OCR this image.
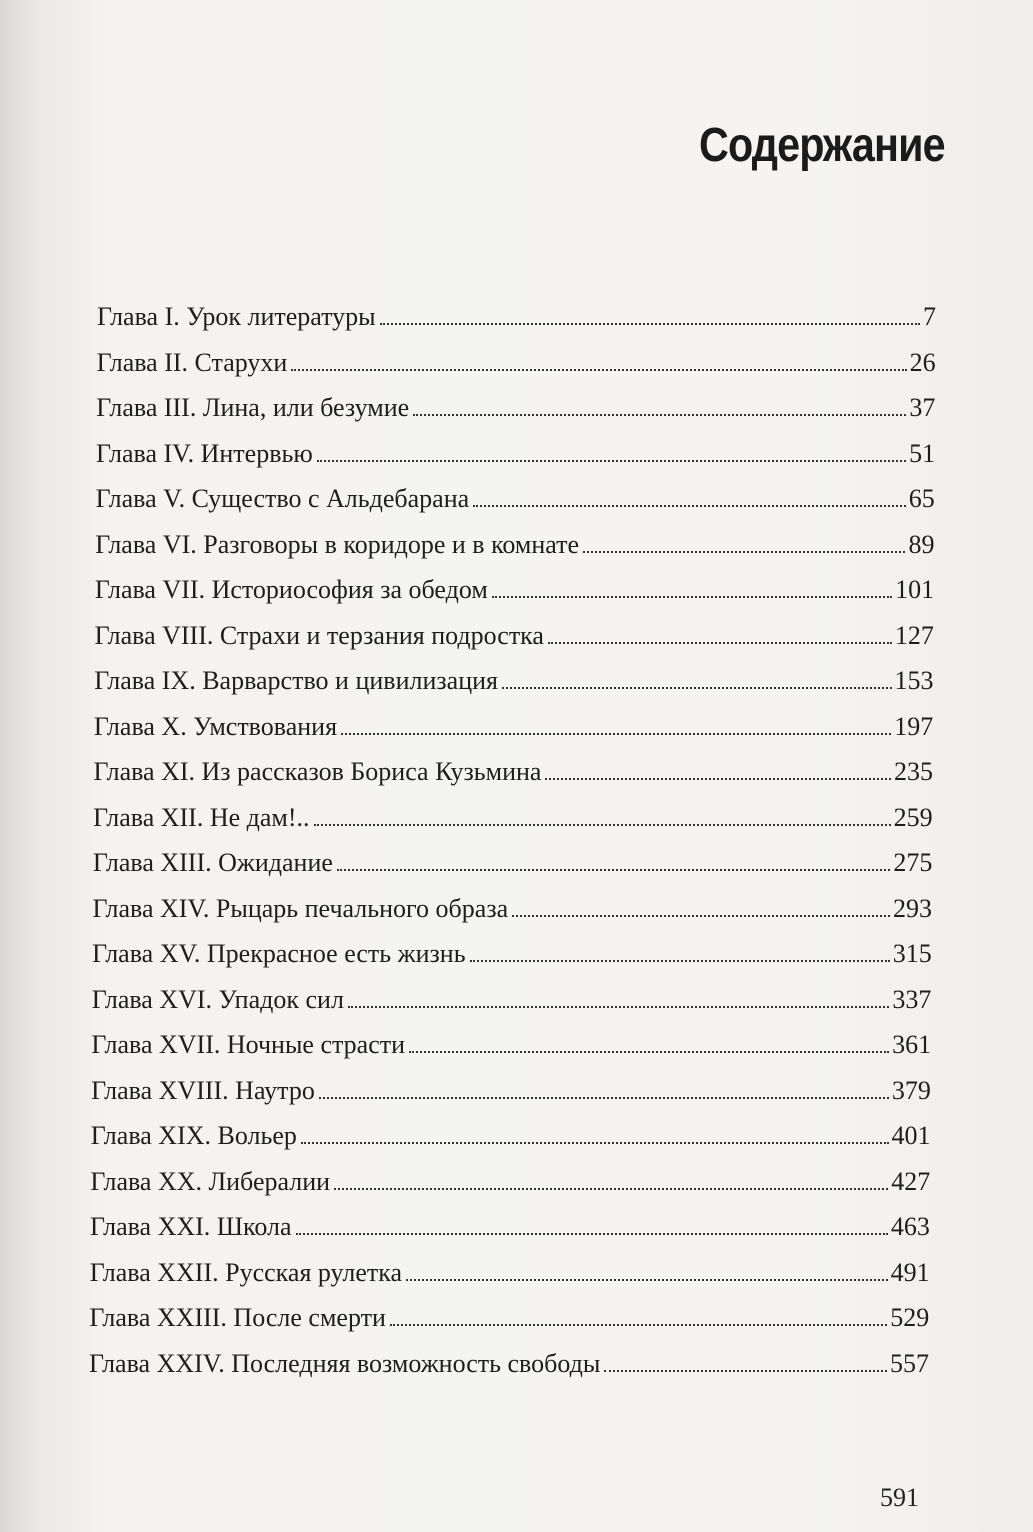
Содержание
Глава I. Урок литературы	7
Глава II. Старухи	26
Глава III. Лина, или безумие	37
Глава IV. Интервью	51
Глава V. Существо с Альдебарана	65
Глава VI. Разговоры в коридоре и в комнате	89
Глава VII. Историософия за обедом	101
Глава VIII. Страхи и терзания подростка	127
Глава IX. Варварство и цивилизация	153
Глава X. Умствования	197
Глава XI. Из рассказов Бориса Кузьмина	235
Глава XII. Не дам!..	259
Глава XIII. Ожидание	275
Глава XIV. Рыцарь печального образа	293
Глава XV. Прекрасное есть жизнь	315
Глава XVI. Упадок сил	337
Глава XVII. Ночные страсти	361
Глава XVIII. Наутро	379
Глава XIX. Вольер	401
Глава XX. Либералии	427
Глава XXI. Школа	463
Глава XXII. Русская рулетка	491
Глава XXIII. После смерти	529
Глава XXIV. Последняя возможность свободы	557
591
